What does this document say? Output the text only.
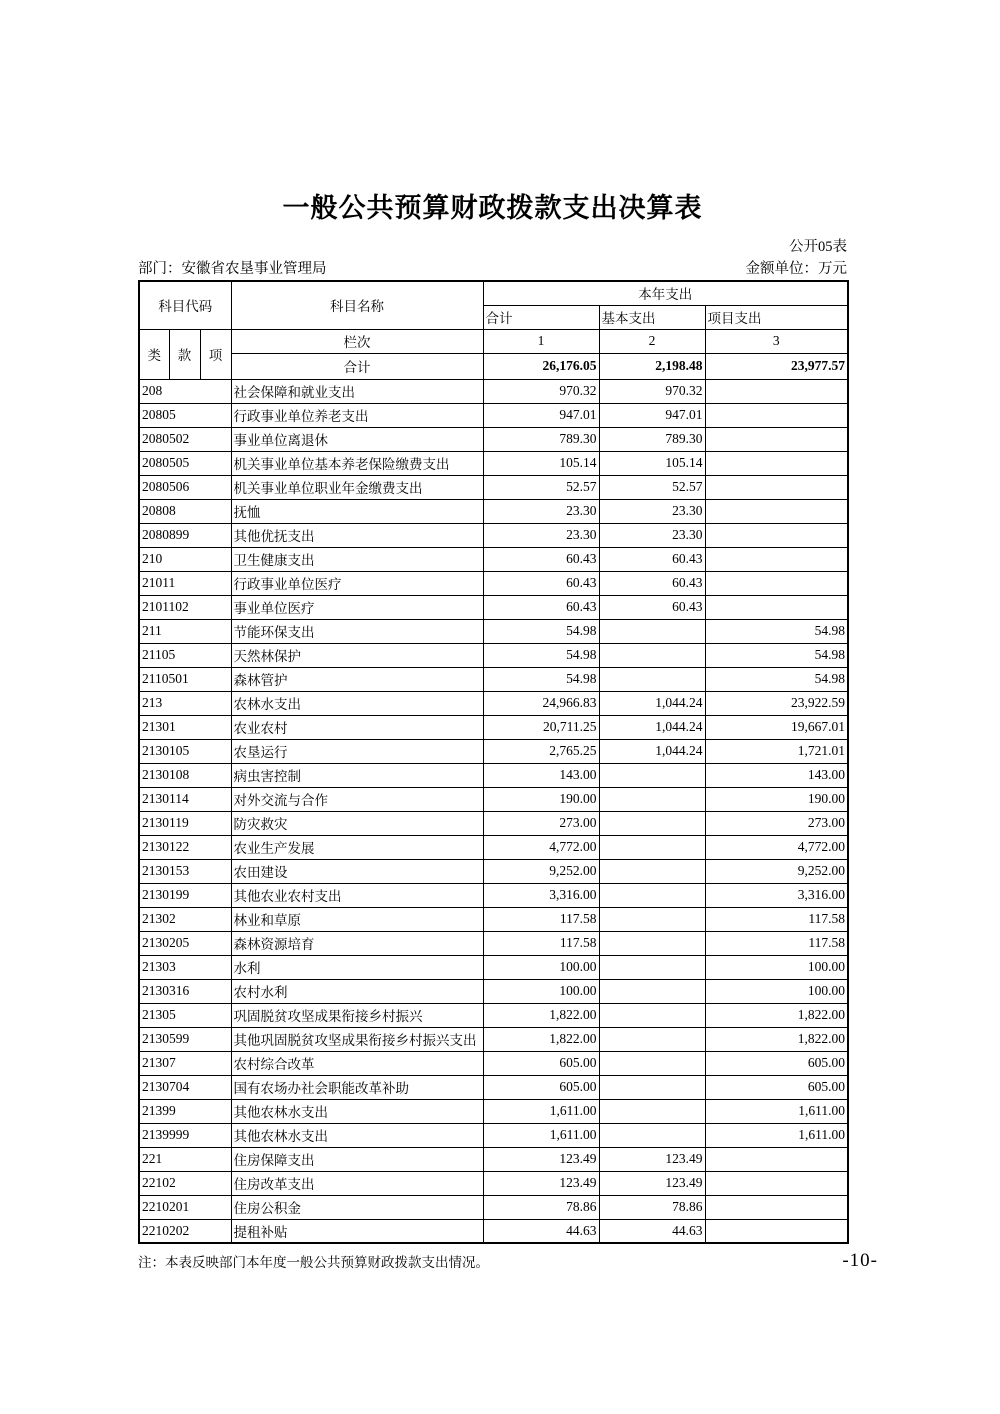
一般公共预算财政拨款支出决算表
公开05表
部门：安徽省农垦事业管理局	金额单位：万元
科目代码			科目名称	本年支出		
				合计	基本支出	项目支出
类	款	项	栏次	1	2	3
			合计	26,176.05	2,198.48	23,977.57
208			社会保障和就业支出	970.32	970.32	
20805			行政事业单位养老支出	947.01	947.01	
2080502			事业单位离退休	789.30	789.30	
2080505			机关事业单位基本养老保险缴费支出	105.14	105.14	
2080506			机关事业单位职业年金缴费支出	52.57	52.57	
20808			抚恤	23.30	23.30	
2080899			其他优抚支出	23.30	23.30	
210			卫生健康支出	60.43	60.43	
21011			行政事业单位医疗	60.43	60.43	
2101102			事业单位医疗	60.43	60.43	
211			节能环保支出	54.98		54.98
21105			天然林保护	54.98		54.98
2110501			森林管护	54.98		54.98
213			农林水支出	24,966.83	1,044.24	23,922.59
21301			农业农村	20,711.25	1,044.24	19,667.01
2130105			农垦运行	2,765.25	1,044.24	1,721.01
2130108			病虫害控制	143.00		143.00
2130114			对外交流与合作	190.00		190.00
2130119			防灾救灾	273.00		273.00
2130122			农业生产发展	4,772.00		4,772.00
2130153			农田建设	9,252.00		9,252.00
2130199			其他农业农村支出	3,316.00		3,316.00
21302			林业和草原	117.58		117.58
2130205			森林资源培育	117.58		117.58
21303			水利	100.00		100.00
2130316			农村水利	100.00		100.00
21305			巩固脱贫攻坚成果衔接乡村振兴	1,822.00		1,822.00
2130599			其他巩固脱贫攻坚成果衔接乡村振兴支出	1,822.00		1,822.00
21307			农村综合改革	605.00		605.00
2130704			国有农场办社会职能改革补助	605.00		605.00
21399			其他农林水支出	1,611.00		1,611.00
2139999			其他农林水支出	1,611.00		1,611.00
221			住房保障支出	123.49	123.49	
22102			住房改革支出	123.49	123.49	
2210201			住房公积金	78.86	78.86	
2210202			提租补贴	44.63	44.63	
注：本表反映部门本年度一般公共预算财政拨款支出情况。	-10-
